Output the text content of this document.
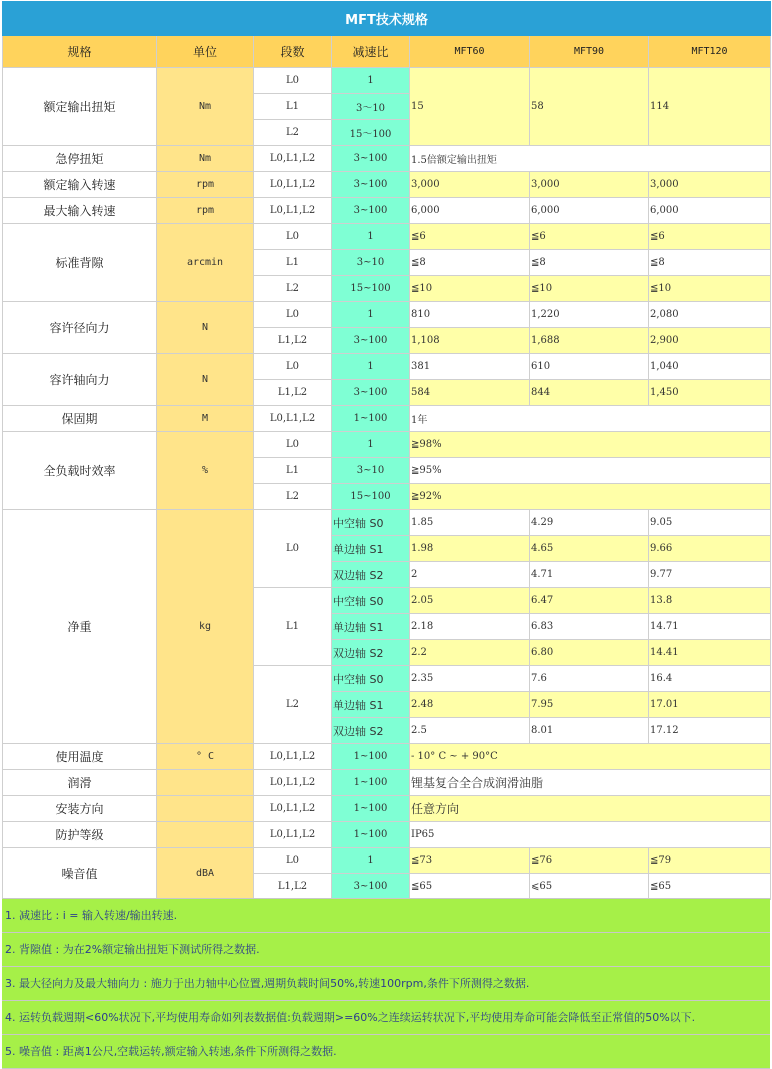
MFT技术规格						
规格	单位	段数	减速比	MFT60	MFT90	MFT120
额定输出扭矩	Nm	L0	1	15	58	114
		L1	3～10			
		L2	15～100			
急停扭矩	Nm	L0,L1,L2	3~100	1.5倍额定输出扭矩		
额定输入转速	rpm	L0,L1,L2	3~100	3,000	3,000	3,000
最大输入转速	rpm	L0,L1,L2	3~100	6,000	6,000	6,000
标准背隙	arcmin	L0	1	≦6	≦6	≦6
		L1	3~10	≦8	≦8	≦8
		L2	15~100	≦10	≦10	≦10
容许径向力	N	L0	1	810	1,220	2,080
		L1,L2	3~100	1,108	1,688	2,900
容许轴向力	N	L0	1	381	610	1,040
		L1,L2	3~100	584	844	1,450
保固期	M	L0,L1,L2	1~100	1年		
全负载时效率	%	L0	1	≧98%		
		L1	3~10	≧95%		
		L2	15~100	≧92%		
净重	kg	L0	中空轴 S0	1.85	4.29	9.05
			单边轴 S1	1.98	4.65	9.66
			双边轴 S2	2	4.71	9.77
		L1	中空轴 S0	2.05	6.47	13.8
			单边轴 S1	2.18	6.83	14.71
			双边轴 S2	2.2	6.80	14.41
		L2	中空轴 S0	2.35	7.6	16.4
			单边轴 S1	2.48	7.95	17.01
			双边轴 S2	2.5	8.01	17.12
使用温度	° C	L0,L1,L2	1~100	- 10° C ~ + 90°C		
润滑		L0,L1,L2	1~100	锂基复合全合成润滑油脂		
安装方向		L0,L1,L2	1~100	任意方向		
防护等级		L0,L1,L2	1~100	IP65		
噪音值	dBA	L0	1	≦73	≦76	≦79
		L1,L2	3~100	≦65	⩽65	≦65
1. 减速比 : i = 输入转速/输出转速.
2. 背隙值 : 为在2%额定输出扭矩下测试所得之数据.
3. 最大径向力及最大轴向力 : 施力于出力轴中心位置,週期负载时间50%,转速100rpm,条件下所测得之数据.
4. 运转负载週期<60%状况下,平均使用寿命如列表数据值:负载週期>=60%之连续运转状况下,平均使用寿命可能会降低至正常值的50%以下.
5. 噪音值 : 距离1公尺,空载运转,额定输入转速,条件下所测得之数据.
